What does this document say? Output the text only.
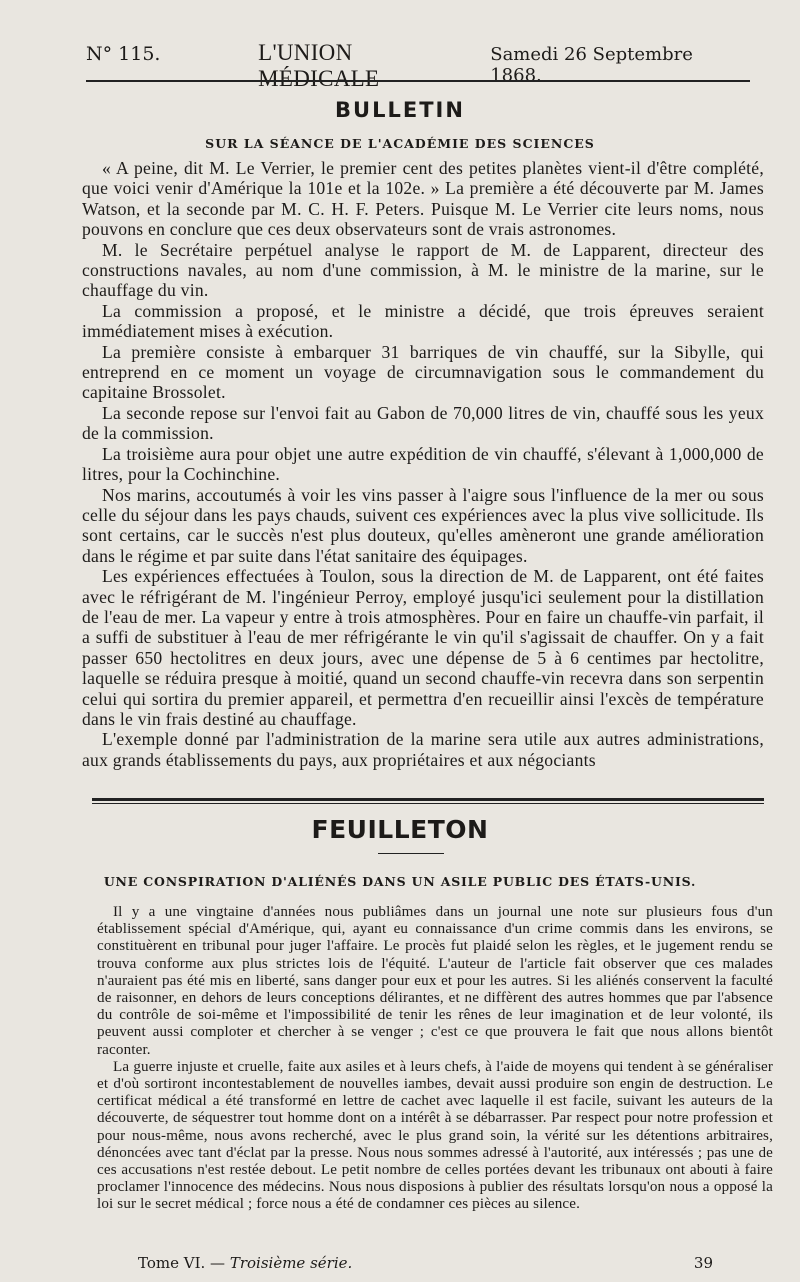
N° 115.	L'UNION MÉDICALE
Samedi 26 Septembre 1868.
BULLETIN
SUR LA SÉANCE DE L'ACADÉMIE DES SCIENCES

« A peine, dit M. Le Verrier, le premier cent des petites planètes vient-il d'être complété, que voici venir d'Amérique la 101e et la 102e. » La première a été découverte par M. James Watson, et la seconde par M. C. H. F. Peters. Puisque M. Le Verrier cite leurs noms, nous pouvons en conclure que ces deux observateurs sont de vrais astronomes.

M. le Secrétaire perpétuel analyse le rapport de M. de Lapparent, directeur des constructions navales, au nom d'une commission, à M. le ministre de la marine, sur le chauffage du vin.

La commission a proposé, et le ministre a décidé, que trois épreuves seraient immédiatement mises à exécution.

La première consiste à embarquer 31 barriques de vin chauffé, sur la Sibylle, qui entreprend en ce moment un voyage de circumnavigation sous le commandement du capitaine Brossolet.

La seconde repose sur l'envoi fait au Gabon de 70,000 litres de vin, chauffé sous les yeux de la commission.

La troisième aura pour objet une autre expédition de vin chauffé, s'élevant à 1,000,000 de litres, pour la Cochinchine.

Nos marins, accoutumés à voir les vins passer à l'aigre sous l'influence de la mer ou sous celle du séjour dans les pays chauds, suivent ces expériences avec la plus vive sollicitude. Ils sont certains, car le succès n'est plus douteux, qu'elles amèneront une grande amélioration dans le régime et par suite dans l'état sanitaire des équipages.

Les expériences effectuées à Toulon, sous la direction de M. de Lapparent, ont été faites avec le réfrigérant de M. l'ingénieur Perroy, employé jusqu'ici seulement pour la distillation de l'eau de mer. La vapeur y entre à trois atmosphères. Pour en faire un chauffe-vin parfait, il a suffi de substituer à l'eau de mer réfrigérante le vin qu'il s'agissait de chauffer. On y a fait passer 650 hectolitres en deux jours, avec une dépense de 5 à 6 centimes par hectolitre, laquelle se réduira presque à moitié, quand un second chauffe-vin recevra dans son serpentin celui qui sortira du premier appareil, et permettra d'en recueillir ainsi l'excès de température dans le vin frais destiné au chauffage.

L'exemple donné par l'administration de la marine sera utile aux autres administrations, aux grands établissements du pays, aux propriétaires et aux négociants

FEUILLETON
UNE CONSPIRATION D'ALIÉNÉS DANS UN ASILE PUBLIC DES ÉTATS-UNIS.

Il y a une vingtaine d'années nous publiâmes dans un journal une note sur plusieurs fous d'un établissement spécial d'Amérique, qui, ayant eu connaissance d'un crime commis dans les environs, se constituèrent en tribunal pour juger l'affaire. Le procès fut plaidé selon les règles, et le jugement rendu se trouva conforme aux plus strictes lois de l'équité. L'auteur de l'article fait observer que ces malades n'auraient pas été mis en liberté, sans danger pour eux et pour les autres. Si les aliénés conservent la faculté de raisonner, en dehors de leurs conceptions délirantes, et ne diffèrent des autres hommes que par l'absence du contrôle de soi-même et l'impossibilité de tenir les rênes de leur imagination et de leur volonté, ils peuvent aussi comploter et chercher à se venger ; c'est ce que prouvera le fait que nous allons bientôt raconter.

La guerre injuste et cruelle, faite aux asiles et à leurs chefs, à l'aide de moyens qui tendent à se généraliser et d'où sortiront incontestablement de nouvelles iambes, devait aussi produire son engin de destruction. Le certificat médical a été transformé en lettre de cachet avec laquelle il est facile, suivant les auteurs de la découverte, de séquestrer tout homme dont on a intérêt à se débarrasser. Par respect pour notre profession et pour nous-même, nous avons recherché, avec le plus grand soin, la vérité sur les détentions arbitraires, dénoncées avec tant d'éclat par la presse. Nous nous sommes adressé à l'autorité, aux intéressés ; pas une de ces accusations n'est restée debout. Le petit nombre de celles portées devant les tribunaux ont abouti à faire proclamer l'innocence des médecins. Nous nous disposions à publier des résultats lorsqu'on nous a opposé la loi sur le secret médical ; force nous a été de condamner ces pièces au silence.

Tome VI. — Troisième série.	39
